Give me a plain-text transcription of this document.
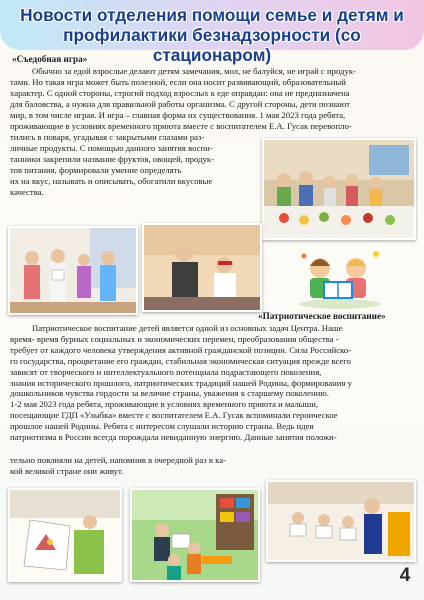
Новости отделения помощи семье и детям и профилактики безнадзорности (со стационаром)
«Съедобная игра»
Обычно за едой взрослые делают детям замечания, мол, не балуйся, не играй с продук-
тами. Но такая игра может быть полезной, если она носит развивающий, образовательный
характер. С одной стороны, строгий подход взрослых к еде оправдан: она не предназначена
для баловства, а нужна для правильной работы организма. С другой стороны, дети познают
мир, в том числе играя. И игра – главная форма их существования. 1 мая 2023 года ребята,
проживающие в условиях временного приюта вместе с воспитателем Е.А. Гусак перевопло-
тились в поваря, угадывая с закрытыми глазами раз-
личные продукты. С помощью данного занятия воспи-
танники закрепили название фруктов, овощей, продук-
тов питания, формировали умение определять
их на вкус, называть и описывать, обогатили вкусовые
качества.
«Патриотическое воспитание»
Патриотическое воспитание детей является одной из основных задач Центра. Наше
время- время бурных социальных и экономических перемен, преобразования общества -
требует от каждого человека утверждения активной гражданской позиции. Сила Российско-
го государства, процветание его граждан, стабильная экономическая ситуация прежде всего
зависят от творческого и интеллектуального потенциала подрастающего поколения,
знания исторического прошлого, патриотических традиций нашей Родины, формирования у
дошкольников чувства гордости за величие страны, уважения к старшему поколению.
1-2 мая 2023 года ребята, проживающие в условиях временного приюта и малыши,
посещающие ГДП «Улыбка» вместе с воспитателем Е.А. Гусак вспоминали героическое
прошлое нашей Родины. Ребята с интересом слушали историю страны. Ведь идея
патриотизма в России всегда порождала невиданную энергию. Данные занятия положи-
тельно повлияли на детей, напомнив в очередной раз в ка-
кой великой стране они живут.
4
